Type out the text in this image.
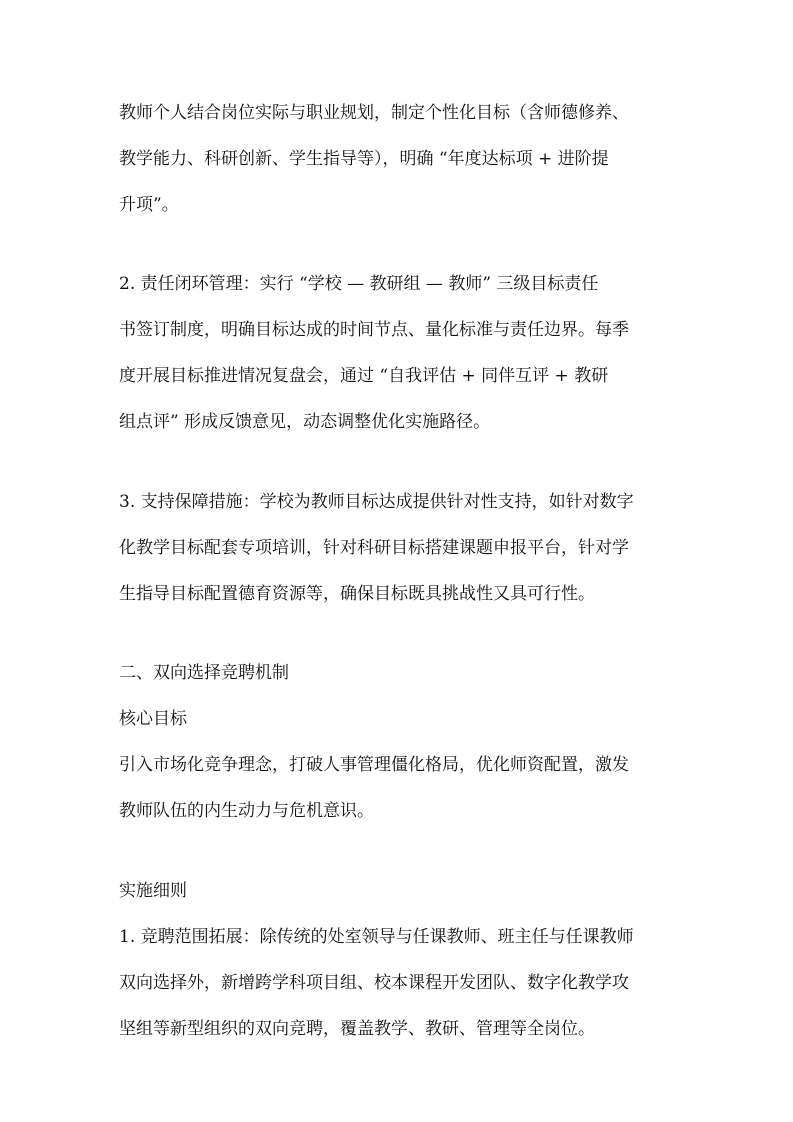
教师个人结合岗位实际与职业规划，制定个性化目标（含师德修养、
教学能力、科研创新、学生指导等），明确 “年度达标项 + 进阶提
升项”。
2. 责任闭环管理：实行 “学校 — 教研组 — 教师” 三级目标责任
书签订制度，明确目标达成的时间节点、量化标准与责任边界。每季
度开展目标推进情况复盘会，通过 “自我评估 + 同伴互评 + 教研
组点评” 形成反馈意见，动态调整优化实施路径。
3. 支持保障措施：学校为教师目标达成提供针对性支持，如针对数字
化教学目标配套专项培训，针对科研目标搭建课题申报平台，针对学
生指导目标配置德育资源等，确保目标既具挑战性又具可行性。
二、双向选择竞聘机制
核心目标
引入市场化竞争理念，打破人事管理僵化格局，优化师资配置，激发
教师队伍的内生动力与危机意识。
实施细则
1. 竞聘范围拓展：除传统的处室领导与任课教师、班主任与任课教师
双向选择外，新增跨学科项目组、校本课程开发团队、数字化教学攻
坚组等新型组织的双向竞聘，覆盖教学、教研、管理等全岗位。
